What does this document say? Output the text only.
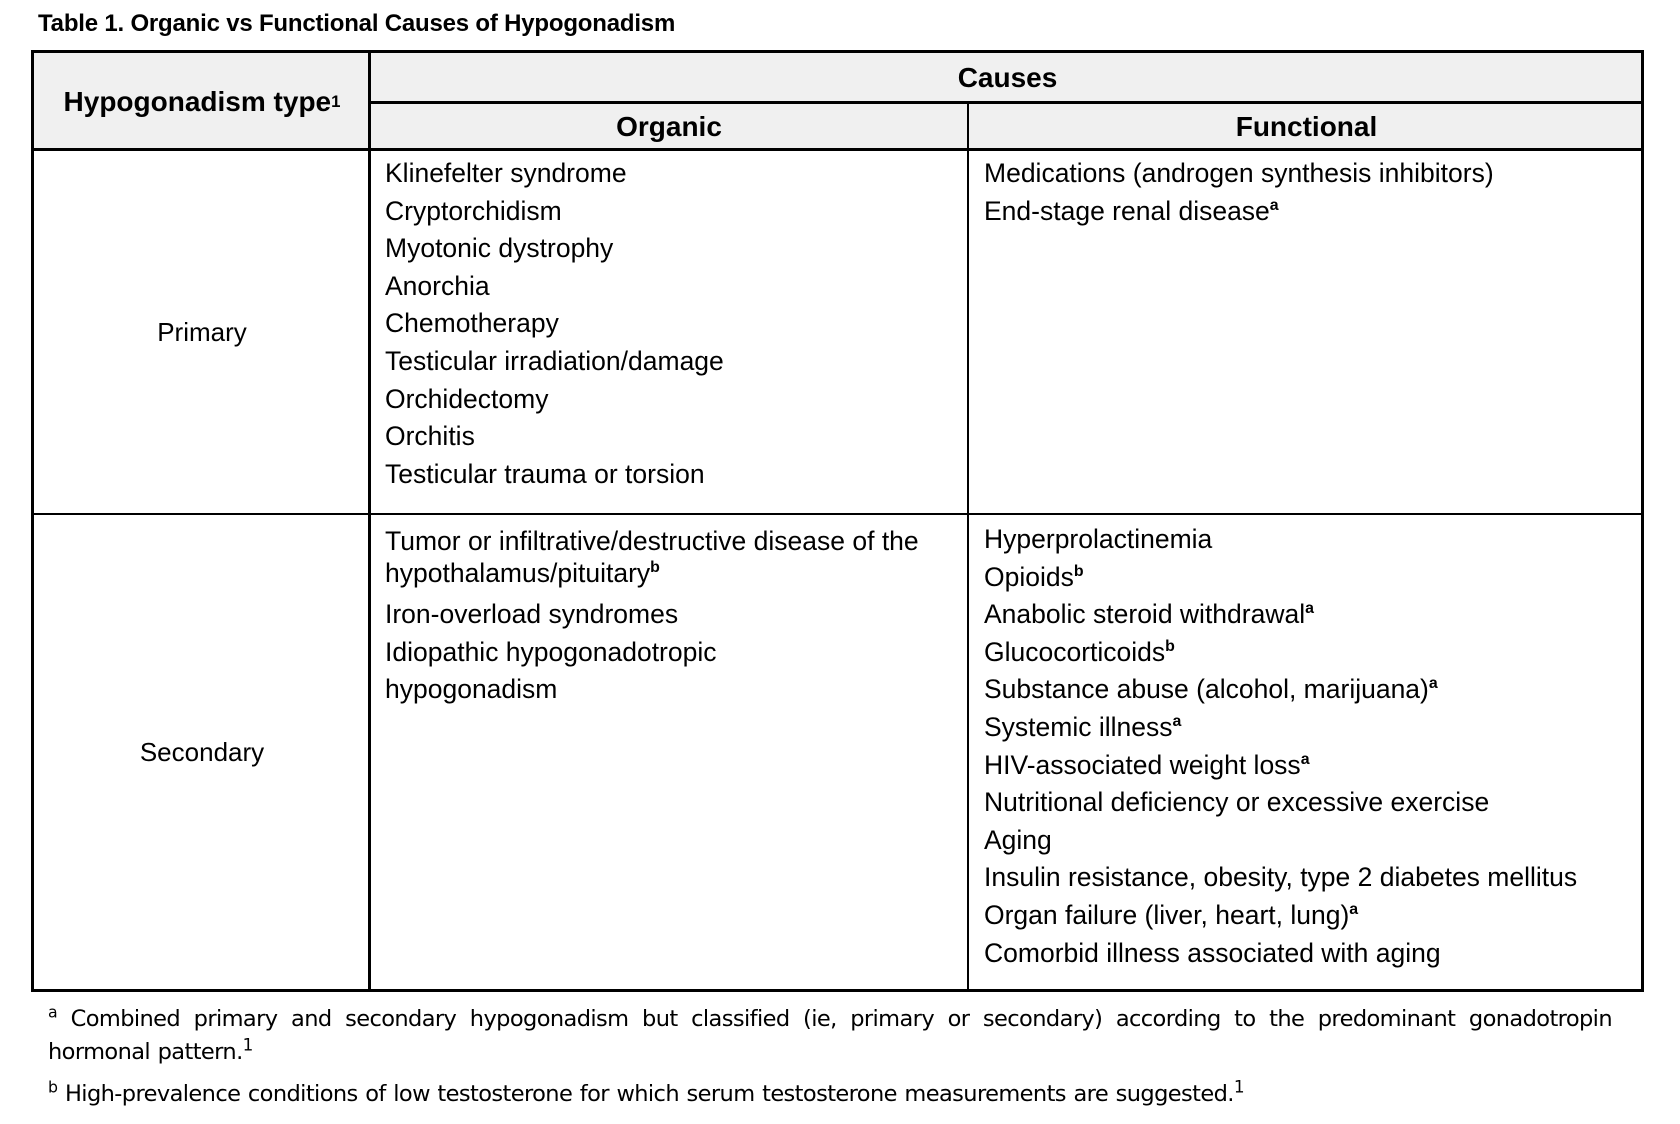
Table 1. Organic vs Functional Causes of Hypogonadism
Hypogonadism type 1
Causes
Organic	Functional
Primary
Klinefelter syndrome
Cryptorchidism
Myotonic dystrophy
Anorchia
Chemotherapy
Testicular irradiation/damage
Orchidectomy
Orchitis
Testicular trauma or torsion
Medications (androgen synthesis inhibitors)
End-stage renal disease$^a$
Secondary
Tumor or infiltrative/destructive disease of the hypothalamus/pituitary$^b$
Iron-overload syndromes
Idiopathic hypogonadotropic
hypogonadism
Hyperprolactinemia
Opioids$^b$
Anabolic steroid withdrawal$^a$
Glucocorticoids$^b$
Substance abuse (alcohol, marijuana)$^a$
Systemic illness$^a$
HIV-associated weight loss$^a$
Nutritional deficiency or excessive exercise
Aging
Insulin resistance, obesity, type 2 diabetes mellitus
Organ failure (liver, heart, lung)$^a$
Comorbid illness associated with aging
$^a$ Combined primary and secondary hypogonadism but classified (ie, primary or secondary) according to the predominant gonadotropin hormonal pattern.$^1$
$^b$ High-prevalence conditions of low testosterone for which serum testosterone measurements are suggested.$^1$
